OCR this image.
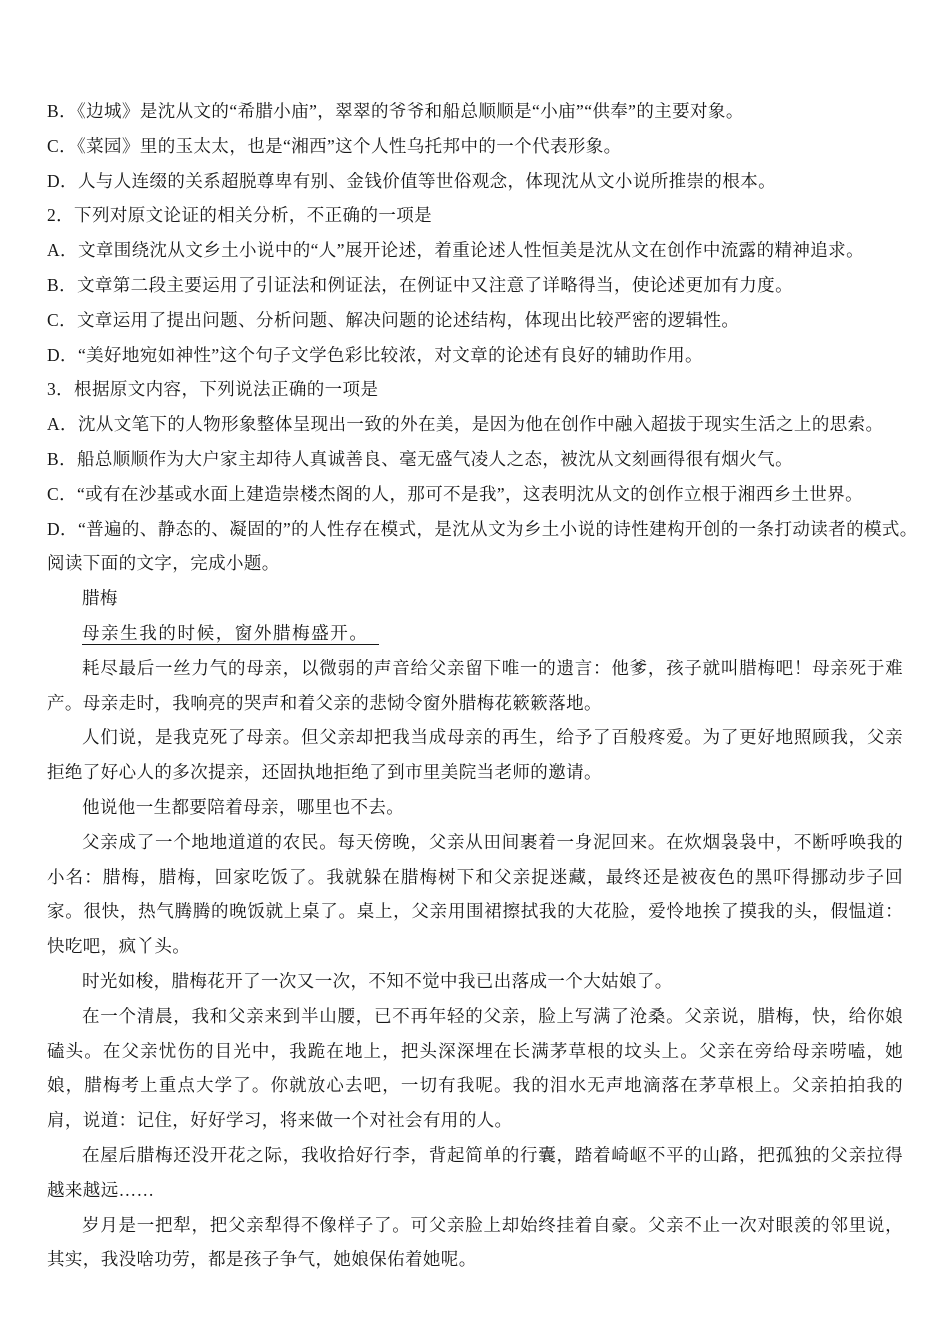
B．《边城》是沈从文的“希腊小庙”，翠翠的爷爷和船总顺顺是“小庙”“供奉”的主要对象。
C．《菜园》里的玉太太，也是“湘西”这个人性乌托邦中的一个代表形象。
D．人与人连缀的关系超脱尊卑有别、金钱价值等世俗观念，体现沈从文小说所推崇的根本。
2．下列对原文论证的相关分析，不正确的一项是
A．文章围绕沈从文乡土小说中的“人”展开论述，着重论述人性恒美是沈从文在创作中流露的精神追求。
B．文章第二段主要运用了引证法和例证法，在例证中又注意了详略得当，使论述更加有力度。
C．文章运用了提出问题、分析问题、解决问题的论述结构，体现出比较严密的逻辑性。
D．“美好地宛如神性”这个句子文学色彩比较浓，对文章的论述有良好的辅助作用。
3．根据原文内容，下列说法正确的一项是
A．沈从文笔下的人物形象整体呈现出一致的外在美，是因为他在创作中融入超拔于现实生活之上的思索。
B．船总顺顺作为大户家主却待人真诚善良、毫无盛气凌人之态，被沈从文刻画得很有烟火气。
C．“或有在沙基或水面上建造崇楼杰阁的人，那可不是我”，这表明沈从文的创作立根于湘西乡土世界。
D．“普遍的、静态的、凝固的”的人性存在模式，是沈从文为乡土小说的诗性建构开创的一条打动读者的模式。
阅读下面的文字，完成小题。
腊梅
母亲生我的时候，窗外腊梅盛开。

耗尽最后一丝力气的母亲，以微弱的声音给父亲留下唯一的遗言：他爹，孩子就叫腊梅吧！母亲死于难产。母亲走时，我响亮的哭声和着父亲的悲恸令窗外腊梅花簌簌落地。

人们说，是我克死了母亲。但父亲却把我当成母亲的再生，给予了百般疼爱。为了更好地照顾我，父亲拒绝了好心人的多次提亲，还固执地拒绝了到市里美院当老师的邀请。

他说他一生都要陪着母亲，哪里也不去。

父亲成了一个地地道道的农民。每天傍晚，父亲从田间裹着一身泥回来。在炊烟袅袅中，不断呼唤我的小名：腊梅，腊梅，回家吃饭了。我就躲在腊梅树下和父亲捉迷藏，最终还是被夜色的黑吓得挪动步子回家。很快，热气腾腾的晚饭就上桌了。桌上，父亲用围裙擦拭我的大花脸，爱怜地挨了摸我的头，假愠道：快吃吧，疯丫头。

时光如梭，腊梅花开了一次又一次，不知不觉中我已出落成一个大姑娘了。

在一个清晨，我和父亲来到半山腰，已不再年轻的父亲，脸上写满了沧桑。父亲说，腊梅，快，给你娘磕头。在父亲忧伤的目光中，我跪在地上，把头深深埋在长满茅草根的坟头上。父亲在旁给母亲唠嗑，她娘，腊梅考上重点大学了。你就放心去吧，一切有我呢。我的泪水无声地滴落在茅草根上。父亲拍拍我的肩，说道：记住，好好学习，将来做一个对社会有用的人。

在屋后腊梅还没开花之际，我收拾好行李，背起简单的行囊，踏着崎岖不平的山路，把孤独的父亲拉得越来越远……

岁月是一把犁，把父亲犁得不像样子了。可父亲脸上却始终挂着自豪。父亲不止一次对眼羡的邻里说，其实，我没啥功劳，都是孩子争气，她娘保佑着她呢。
